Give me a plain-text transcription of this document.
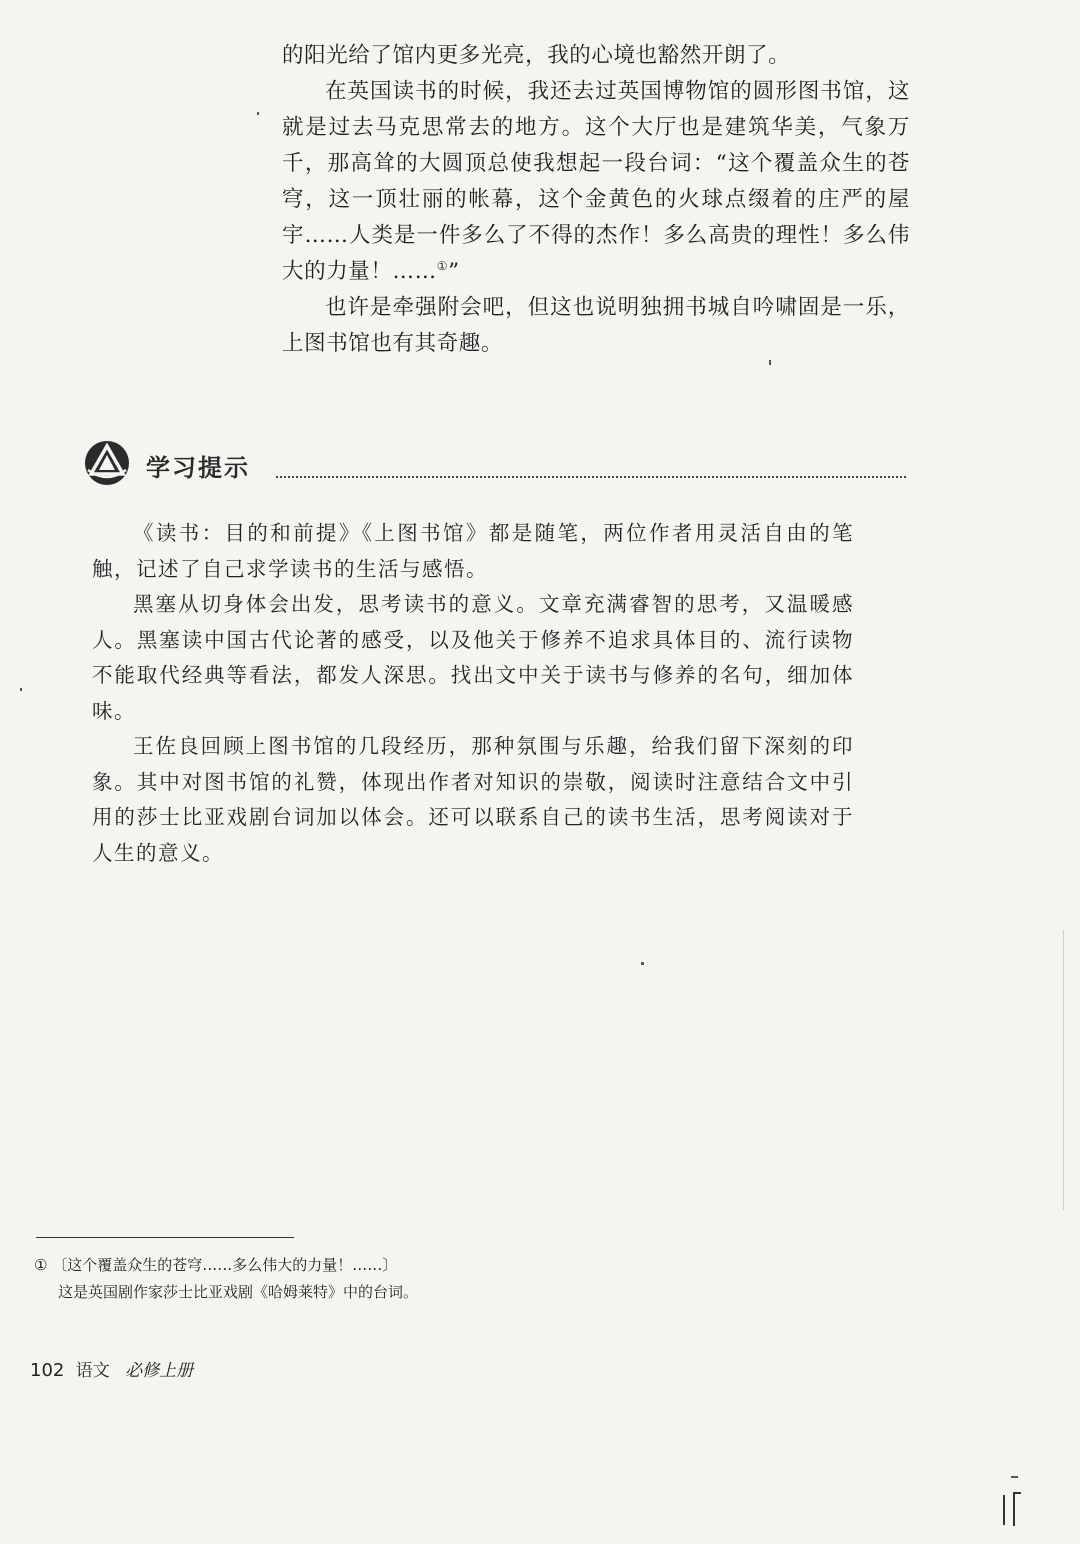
的阳光给了馆内更多光亮，我的心境也豁然开朗了。

在英国读书的时候，我还去过英国博物馆的圆形图书馆，这就是过去马克思常去的地方。这个大厅也是建筑华美，气象万千，那高耸的大圆顶总使我想起一段台词：“这个覆盖众生的苍穹，这一顶壮丽的帐幕，这个金黄色的火球点缀着的庄严的屋宇……人类是一件多么了不得的杰作！多么高贵的理性！多么伟大的力量！……①”

也许是牵强附会吧，但这也说明独拥书城自吟啸固是一乐，上图书馆也有其奇趣。

学习提示

《读书：目的和前提》《上图书馆》都是随笔，两位作者用灵活自由的笔触，记述了自己求学读书的生活与感悟。

黑塞从切身体会出发，思考读书的意义。文章充满睿智的思考，又温暖感人。黑塞读中国古代论著的感受，以及他关于修养不追求具体目的、流行读物不能取代经典等看法，都发人深思。找出文中关于读书与修养的名句，细加体味。

王佐良回顾上图书馆的几段经历，那种氛围与乐趣，给我们留下深刻的印象。其中对图书馆的礼赞，体现出作者对知识的崇敬，阅读时注意结合文中引用的莎士比亚戏剧台词加以体会。还可以联系自己的读书生活，思考阅读对于人生的意义。

① 〔这个覆盖众生的苍穹……多么伟大的力量！……〕
这是英国剧作家莎士比亚戏剧《哈姆莱特》中的台词。
102 语文 必修上册
